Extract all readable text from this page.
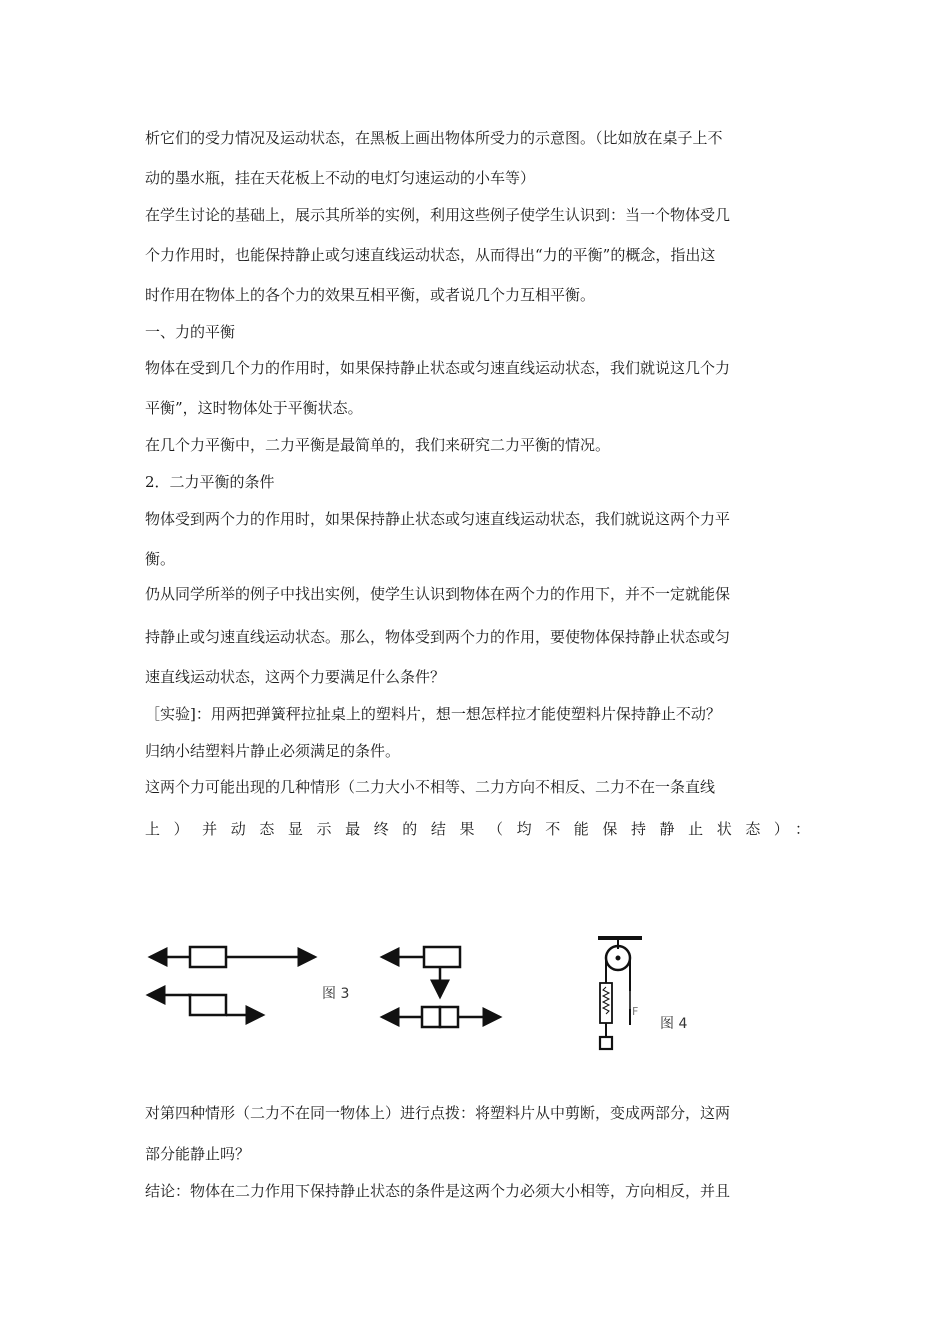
析它们的受力情况及运动状态，在黑板上画出物体所受力的示意图。（比如放在桌子上不
动的墨水瓶，挂在天花板上不动的电灯匀速运动的小车等）
在学生讨论的基础上，展示其所举的实例，利用这些例子使学生认识到：当一个物体受几
个力作用时，也能保持静止或匀速直线运动状态，从而得出“力的平衡”的概念，指出这
时作用在物体上的各个力的效果互相平衡，或者说几个力互相平衡。
一、力的平衡
物体在受到几个力的作用时，如果保持静止状态或匀速直线运动状态，我们就说这几个力
平衡”，这时物体处于平衡状态。
在几个力平衡中，二力平衡是最简单的，我们来研究二力平衡的情况。
2．二力平衡的条件
物体受到两个力的作用时，如果保持静止状态或匀速直线运动状态，我们就说这两个力平
衡。
仍从同学所举的例子中找出实例，使学生认识到物体在两个力的作用下，并不一定就能保
持静止或匀速直线运动状态。那么，物体受到两个力的作用，要使物体保持静止状态或匀
速直线运动状态，这两个力要满足什么条件？
［实验]：用两把弹簧秤拉扯桌上的塑料片，想一想怎样拉才能使塑料片保持静止不动？
归纳小结塑料片静止必须满足的条件。
这两个力可能出现的几种情形（二力大小不相等、二力方向不相反、二力不在一条直线
上）并动态显示最终的结果（均不能保持静止状态）：
图 3
F
图 4
对第四种情形（二力不在同一物体上）进行点拨：将塑料片从中剪断，变成两部分，这两
部分能静止吗？
结论：物体在二力作用下保持静止状态的条件是这两个力必须大小相等，方向相反，并且
